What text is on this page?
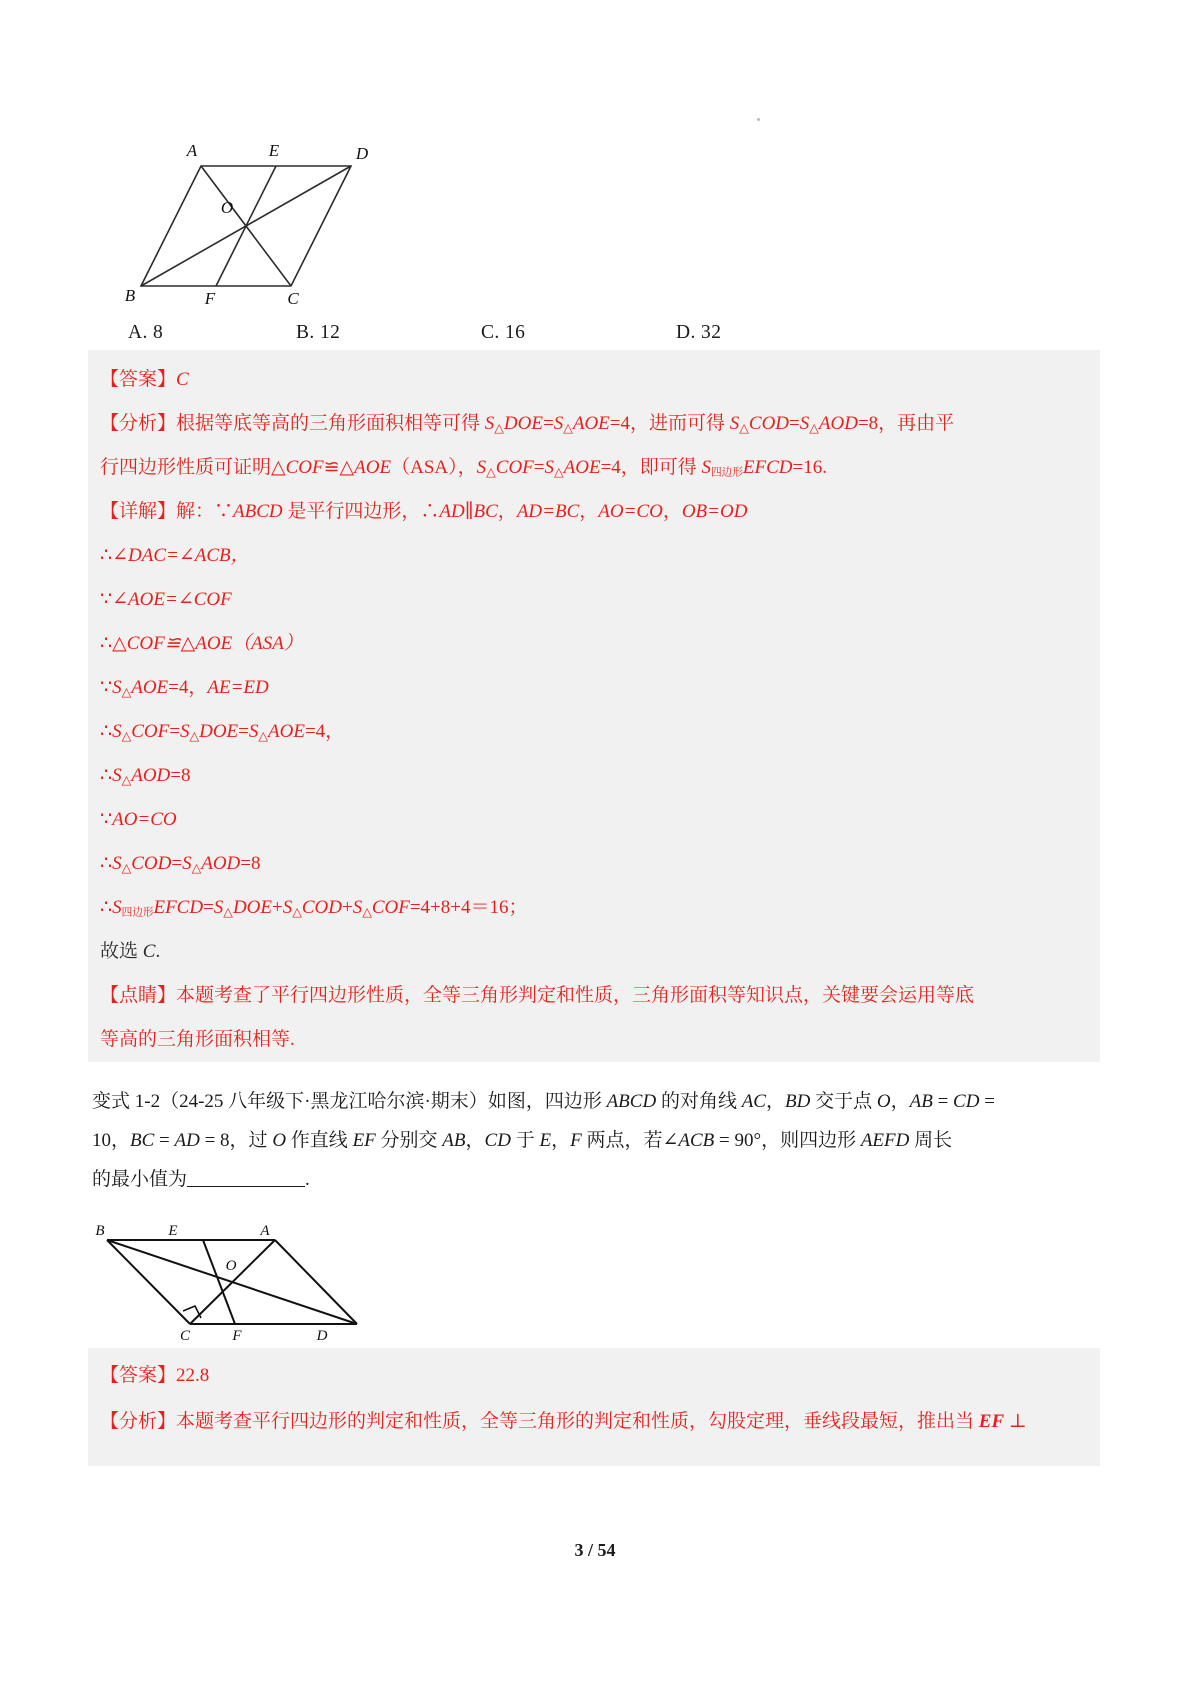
A	E	D
O
B	F	C
A. 8	B. 12	C. 16	D. 32
【答案】C
【分析】根据等底等高的三角形面积相等可得 $S_\triangle DOE=S_\triangle AOE=4$，进而可得 $S_\triangle COD=S_\triangle AOD=8$，再由平
行四边形性质可证明△COF≌△AOE（ASA），$S_\triangle COF=S_\triangle AOE=4$，即可得 S四边形EFCD=16.
【详解】解：∵ABCD 是平行四边形，∴AD∥BC，AD=BC，AO=CO，OB=OD
∴∠DAC=∠ACB，
∵∠AOE=∠COF
∴△COF≌△AOE（ASA）
$\because S_\triangle AOE=4$，AE=ED
$\therefore S_\triangle COF=S_\triangle DOE=S_\triangle AOE=4$，
$\therefore S_\triangle AOD=8$
∵AO=CO
$\therefore S_\triangle COD=S_\triangle AOD=8$
∴S四边形$EFCD=S_\triangle DOE+S_\triangle COD+S_\triangle COF=4+8+4=16$；
故选 C.
【点睛】本题考查了平行四边形性质，全等三角形判定和性质，三角形面积等知识点，关键要会运用等底
等高的三角形面积相等.
变式 1-2（24-25 八年级下·黑龙江哈尔滨·期末）如图，四边形 ABCD 的对角线 AC，BD 交于点 O，AB = CD =
10，BC = AD = 8，过 O 作直线 EF 分别交 AB，CD 于 E，F 两点，若∠ACB = 90°，则四边形 AEFD 周长
的最小值为	.
B	E	A
O
C	F	D
【答案】22.8
【分析】本题考查平行四边形的判定和性质，全等三角形的判定和性质，勾股定理，垂线段最短，推出当 EF ⊥
3 / 54
